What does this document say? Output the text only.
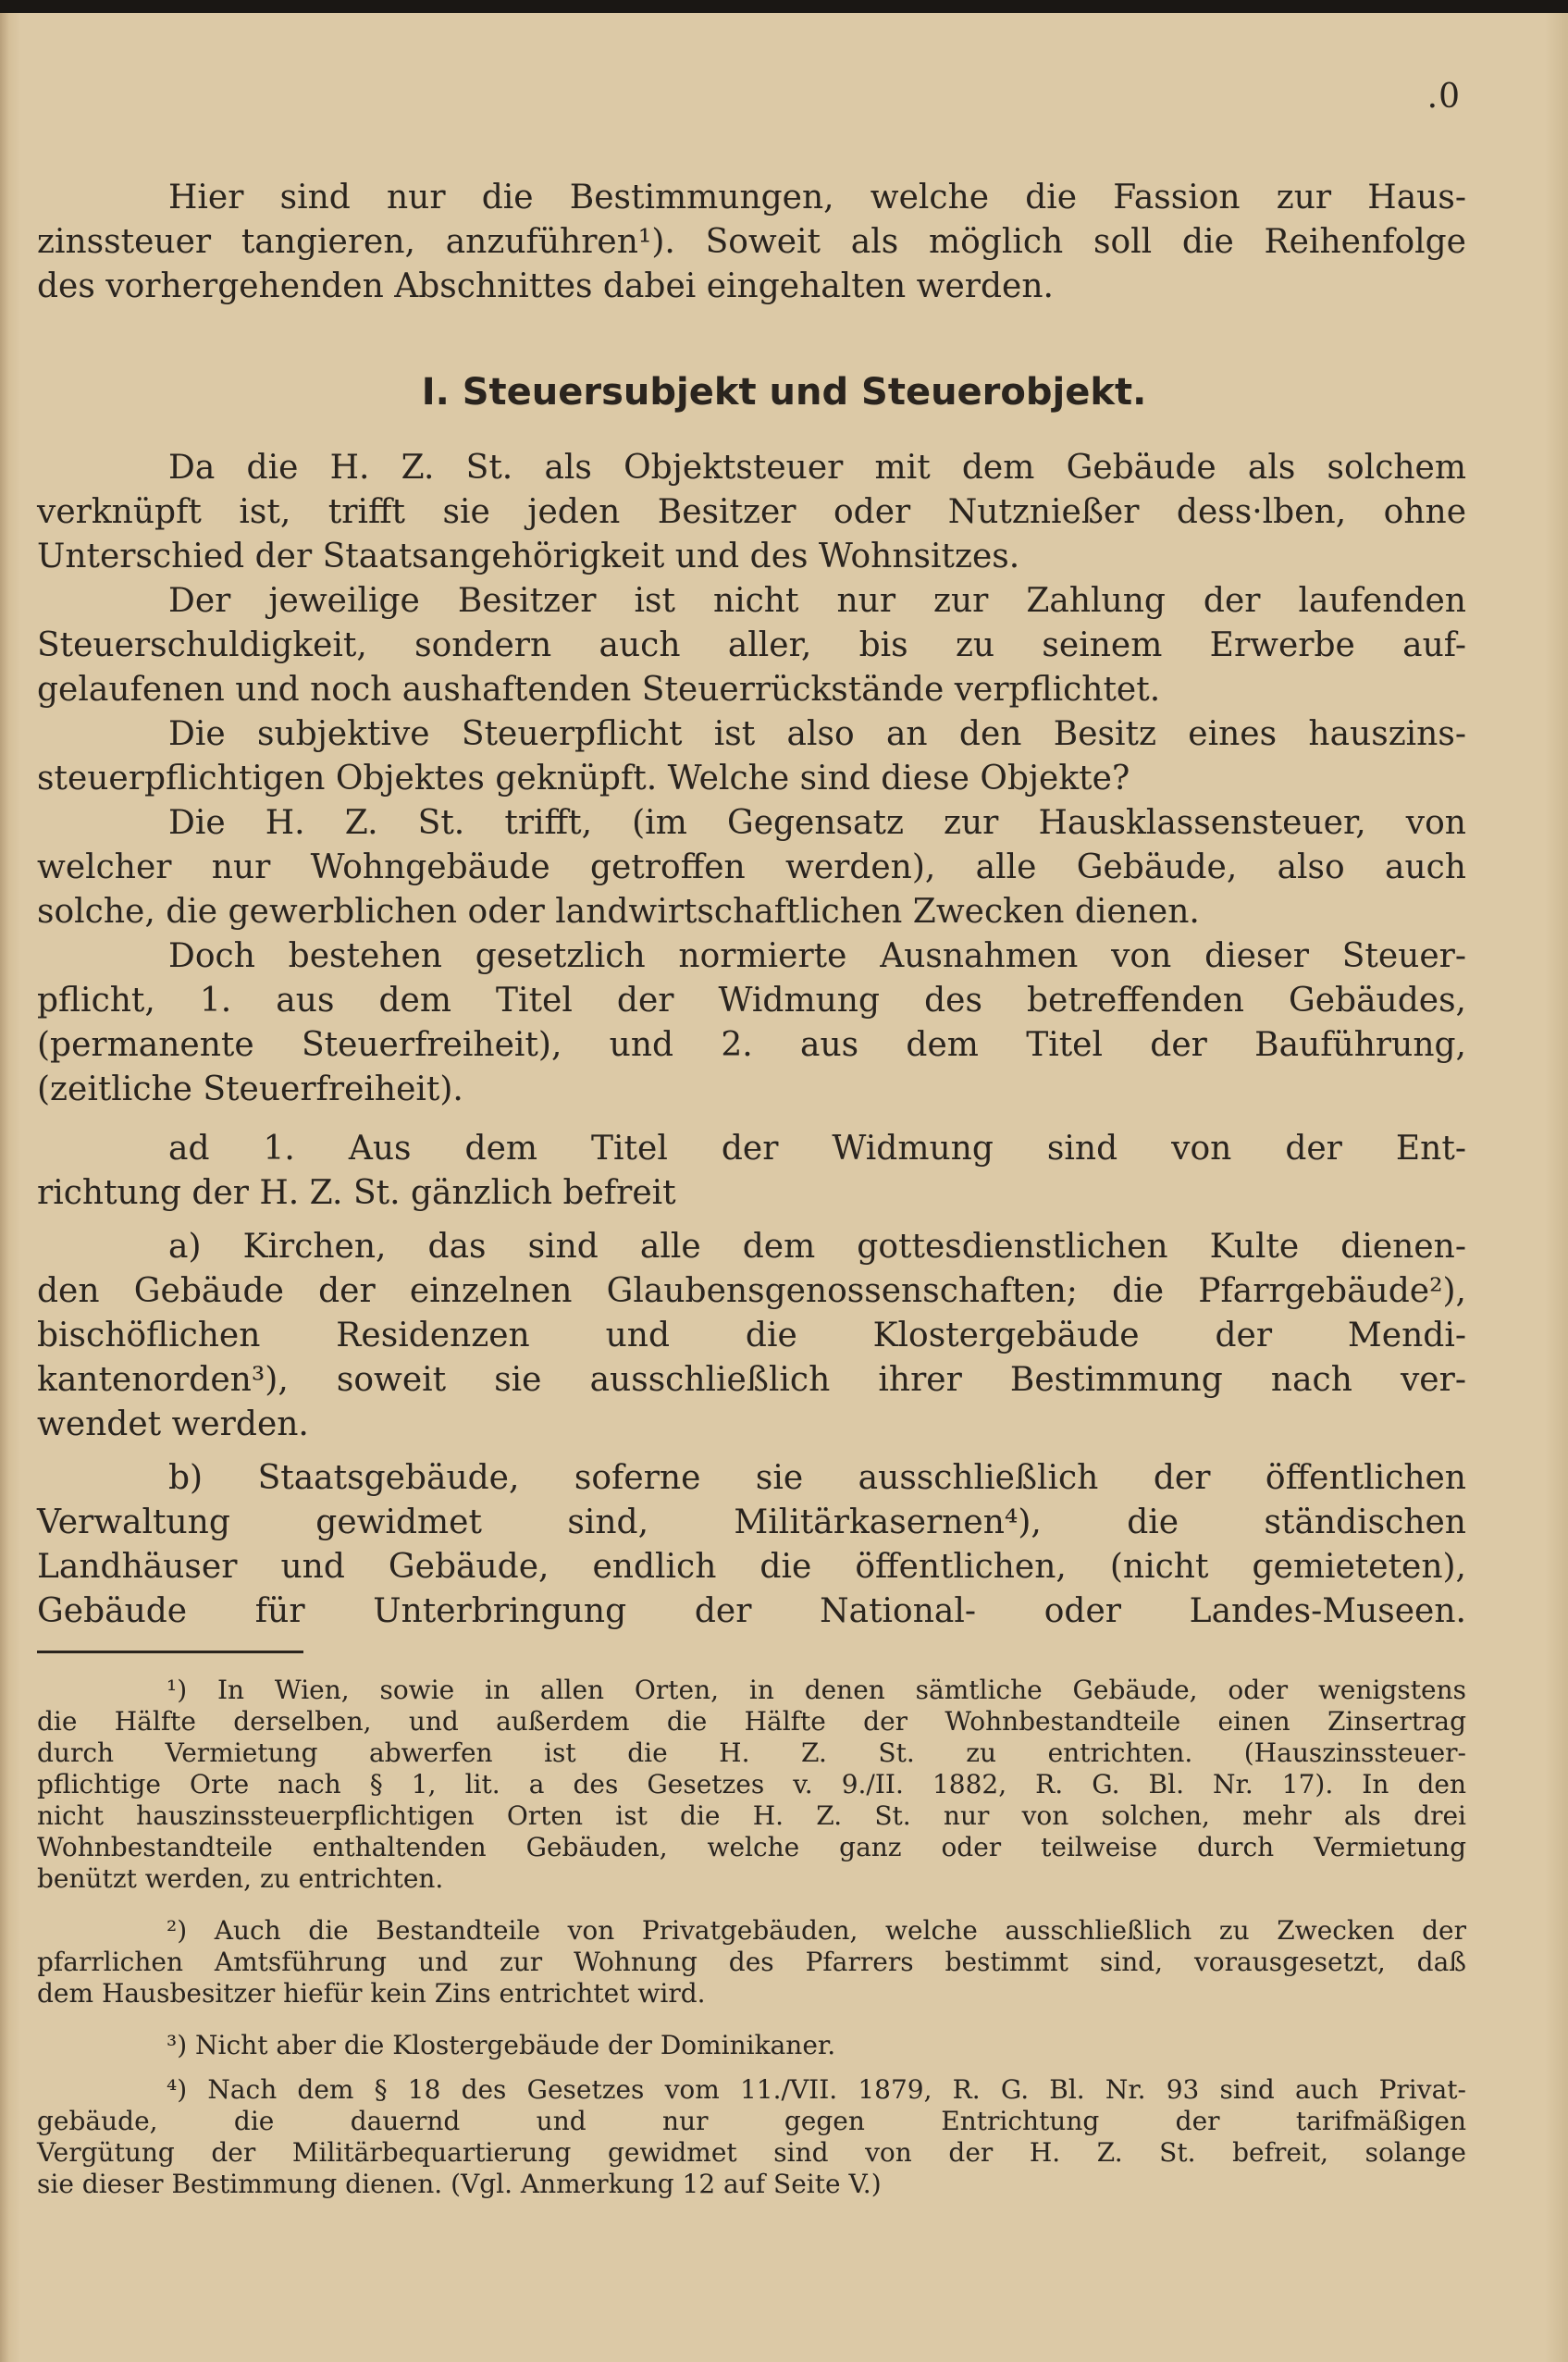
.0
Hier sind nur die Bestimmungen, welche die Fassion zur Haus-
zinssteuer tangieren, anzuführen¹). Soweit als möglich soll die Reihenfolge
des vorhergehenden Abschnittes dabei eingehalten werden.
I. Steuersubjekt und Steuerobjekt.
Da die H. Z. St. als Objektsteuer mit dem Gebäude als solchem
verknüpft ist, trifft sie jeden Besitzer oder Nutznießer dess·lben, ohne
Unterschied der Staatsangehörigkeit und des Wohnsitzes.
Der jeweilige Besitzer ist nicht nur zur Zahlung der laufenden
Steuerschuldigkeit, sondern auch aller, bis zu seinem Erwerbe auf-
gelaufenen und noch aushaftenden Steuerrückstände verpflichtet.
Die subjektive Steuerpflicht ist also an den Besitz eines hauszins-
steuerpflichtigen Objektes geknüpft. Welche sind diese Objekte?
Die H. Z. St. trifft, (im Gegensatz zur Hausklassensteuer, von
welcher nur Wohngebäude getroffen werden), alle Gebäude, also auch
solche, die gewerblichen oder landwirtschaftlichen Zwecken dienen.
Doch bestehen gesetzlich normierte Ausnahmen von dieser Steuer-
pflicht, 1. aus dem Titel der Widmung des betreffenden Gebäudes,
(permanente Steuerfreiheit), und 2. aus dem Titel der Bauführung,
(zeitliche Steuerfreiheit).
ad 1. Aus dem Titel der Widmung sind von der Ent-
richtung der H. Z. St. gänzlich befreit
a) Kirchen, das sind alle dem gottesdienstlichen Kulte dienen-
den Gebäude der einzelnen Glaubensgenossenschaften; die Pfarrgebäude²),
bischöflichen Residenzen und die Klostergebäude der Mendi-
kantenorden³), soweit sie ausschließlich ihrer Bestimmung nach ver-
wendet werden.
b) Staatsgebäude, soferne sie ausschließlich der öffentlichen
Verwaltung gewidmet sind, Militärkasernen⁴), die ständischen
Landhäuser und Gebäude, endlich die öffentlichen, (nicht gemieteten),
Gebäude für Unterbringung der National- oder Landes-Museen.
¹) In Wien, sowie in allen Orten, in denen sämtliche Gebäude, oder wenigstens
die Hälfte derselben, und außerdem die Hälfte der Wohnbestandteile einen Zinsertrag
durch Vermietung abwerfen ist die H. Z. St. zu entrichten. (Hauszinssteuer-
pflichtige Orte nach § 1, lit. a des Gesetzes v. 9./II. 1882, R. G. Bl. Nr. 17). In den
nicht hauszinssteuerpflichtigen Orten ist die H. Z. St. nur von solchen, mehr als drei
Wohnbestandteile enthaltenden Gebäuden, welche ganz oder teilweise durch Vermietung
benützt werden, zu entrichten.
²) Auch die Bestandteile von Privatgebäuden, welche ausschließlich zu Zwecken der
pfarrlichen Amtsführung und zur Wohnung des Pfarrers bestimmt sind, vorausgesetzt, daß
dem Hausbesitzer hiefür kein Zins entrichtet wird.
³) Nicht aber die Klostergebäude der Dominikaner.
⁴) Nach dem § 18 des Gesetzes vom 11./VII. 1879, R. G. Bl. Nr. 93 sind auch Privat-
gebäude, die dauernd und nur gegen Entrichtung der tarifmäßigen
Vergütung der Militärbequartierung gewidmet sind von der H. Z. St. befreit, solange
sie dieser Bestimmung dienen. (Vgl. Anmerkung 12 auf Seite V.)
